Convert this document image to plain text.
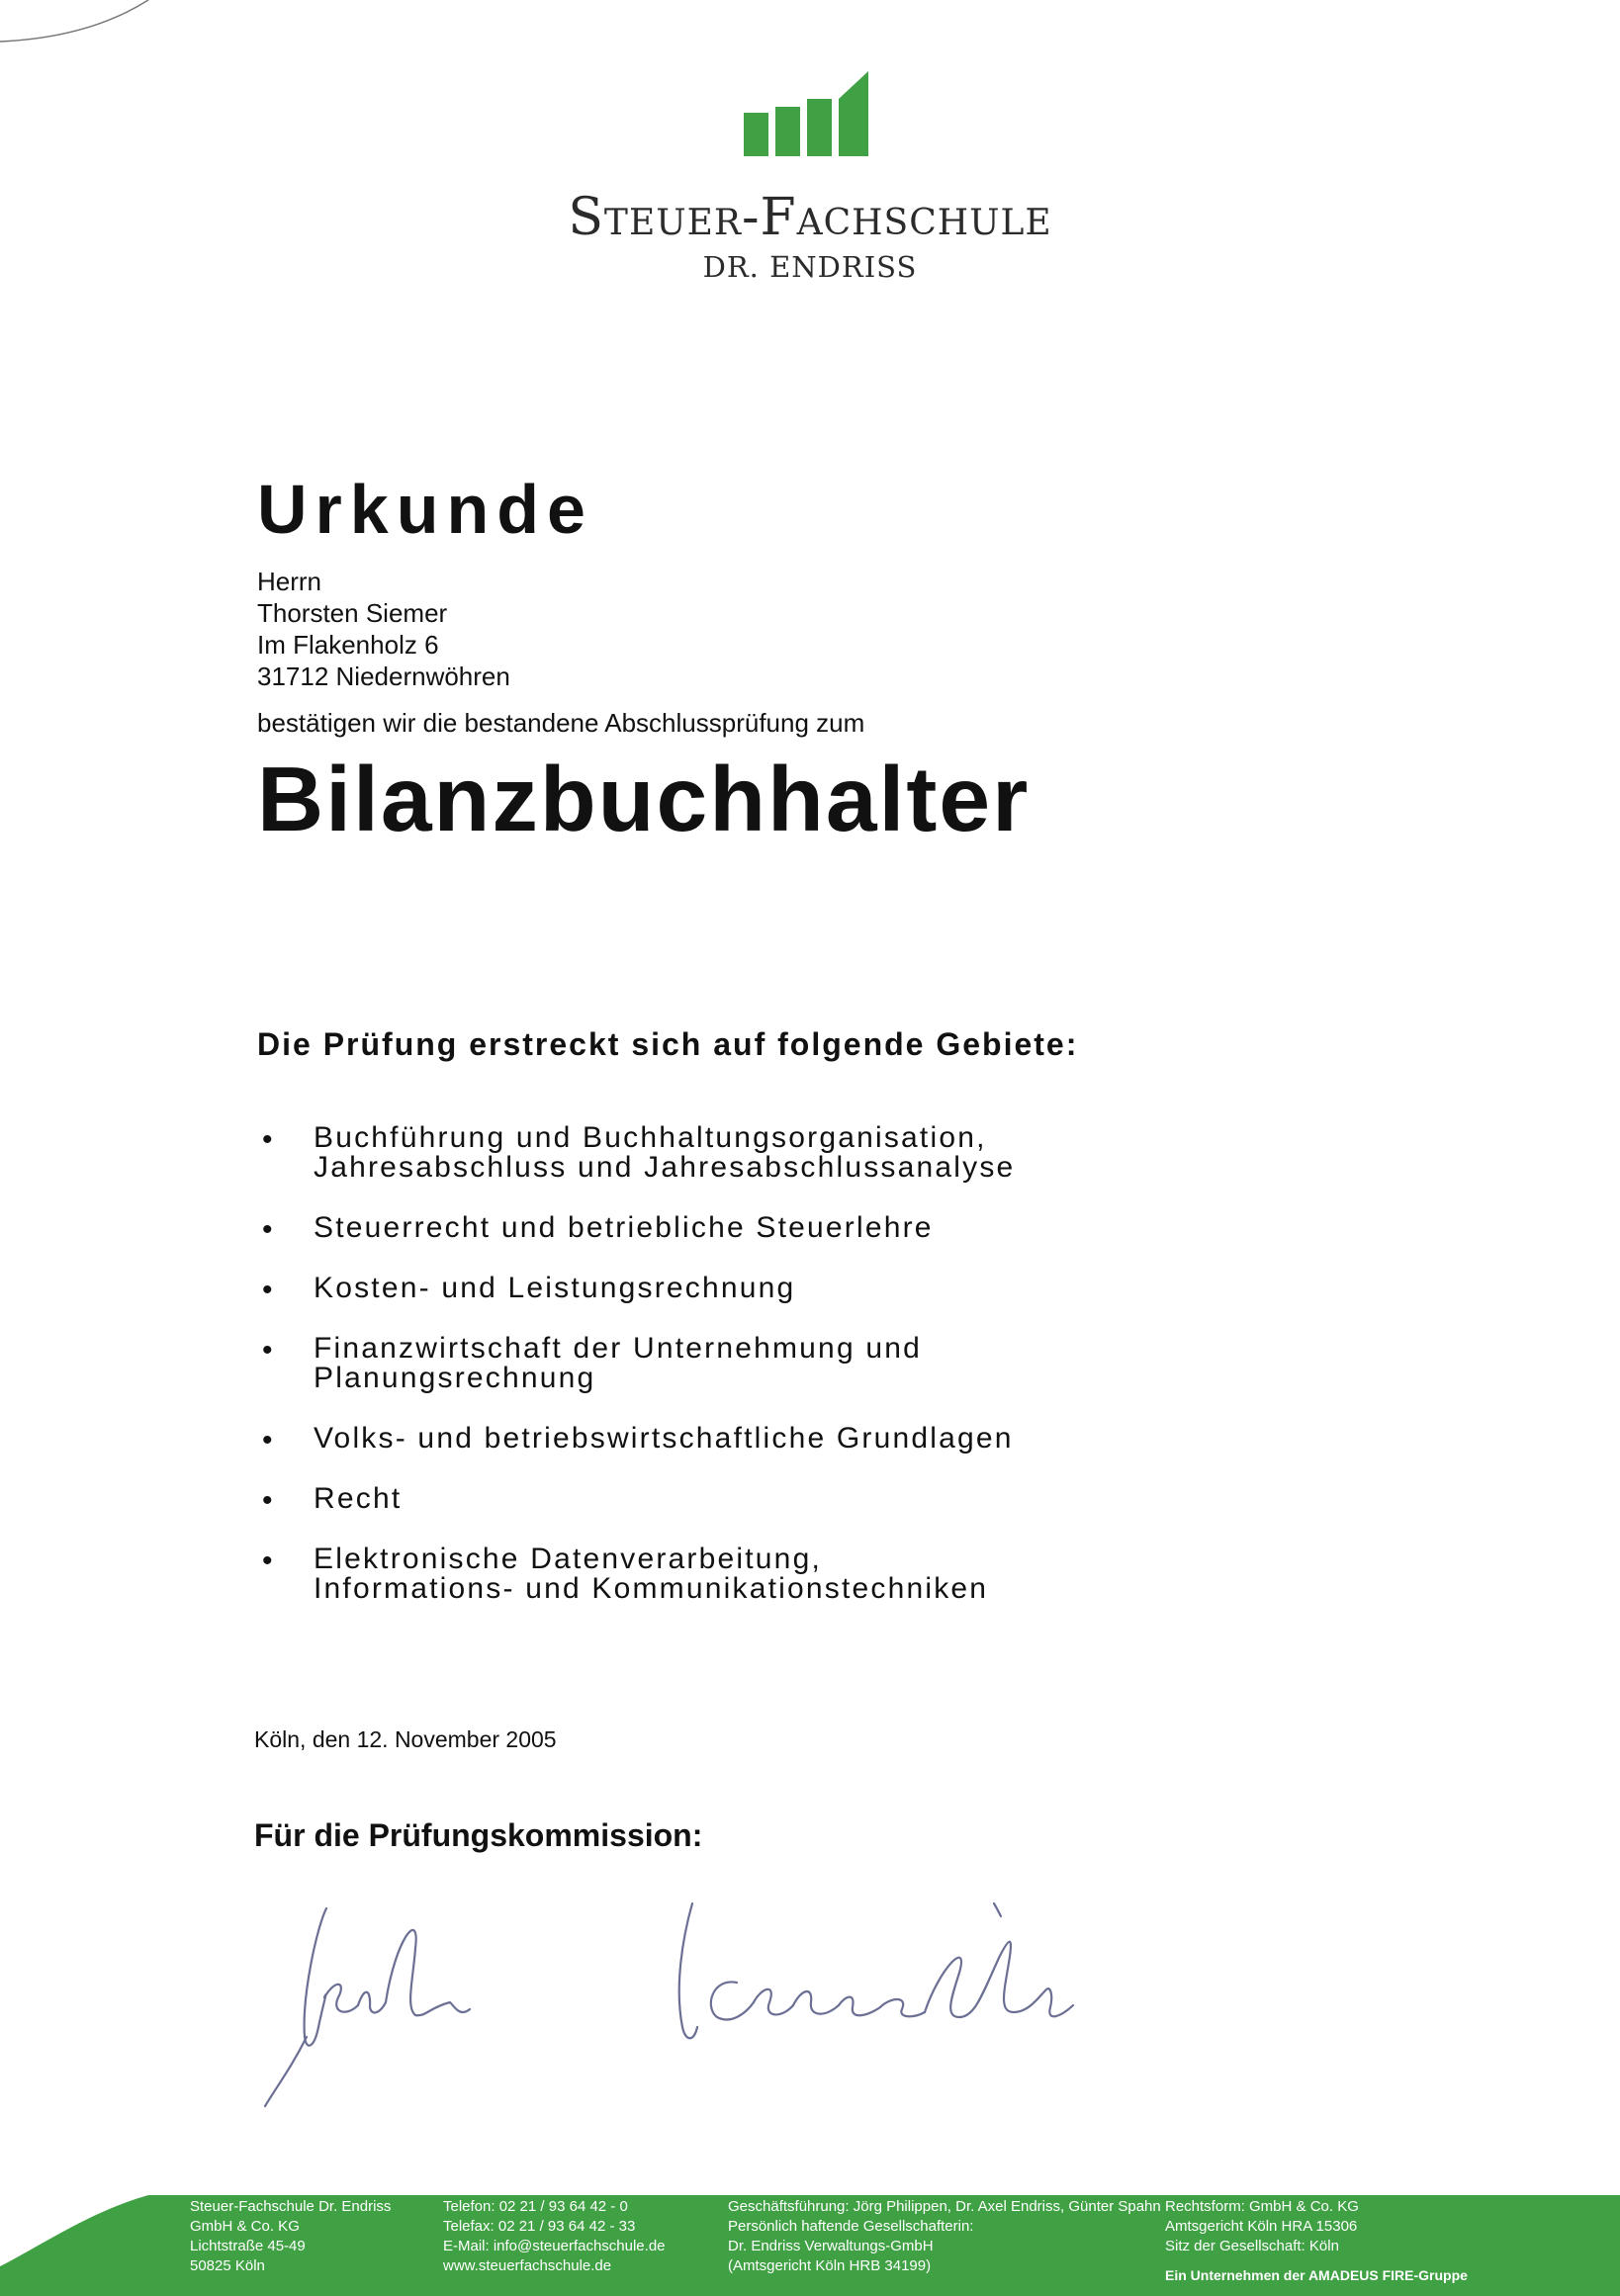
Steuer-Fachschule
DR. ENDRISS
Urkunde
Herrn
Thorsten Siemer
Im Flakenholz 6
31712 Niedernwöhren
bestätigen wir die bestandene Abschlussprüfung zum
Bilanzbuchhalter
Die Prüfung erstreckt sich auf folgende Gebiete:
• Buchführung und Buchhaltungsorganisation,
Jahresabschluss und Jahresabschlussanalyse
• Steuerrecht und betriebliche Steuerlehre
• Kosten- und Leistungsrechnung
• Finanzwirtschaft der Unternehmung und
Planungsrechnung
• Volks- und betriebswirtschaftliche Grundlagen
• Recht
• Elektronische Datenverarbeitung,
Informations- und Kommunikationstechniken
Köln, den 12. November 2005
Für die Prüfungskommission:
Steuer-Fachschule Dr. Endriss
GmbH & Co. KG
Lichtstraße 45-49
50825 Köln
Telefon: 02 21 / 93 64 42 - 0
Telefax: 02 21 / 93 64 42 - 33
E-Mail: info@steuerfachschule.de
www.steuerfachschule.de
Geschäftsführung: Jörg Philippen, Dr. Axel Endriss, Günter Spahn
Persönlich haftende Gesellschafterin:
Dr. Endriss Verwaltungs-GmbH
(Amtsgericht Köln HRB 34199)
Rechtsform: GmbH & Co. KG
Amtsgericht Köln HRA 15306
Sitz der Gesellschaft: Köln
Ein Unternehmen der AMADEUS FIRE-Gruppe
